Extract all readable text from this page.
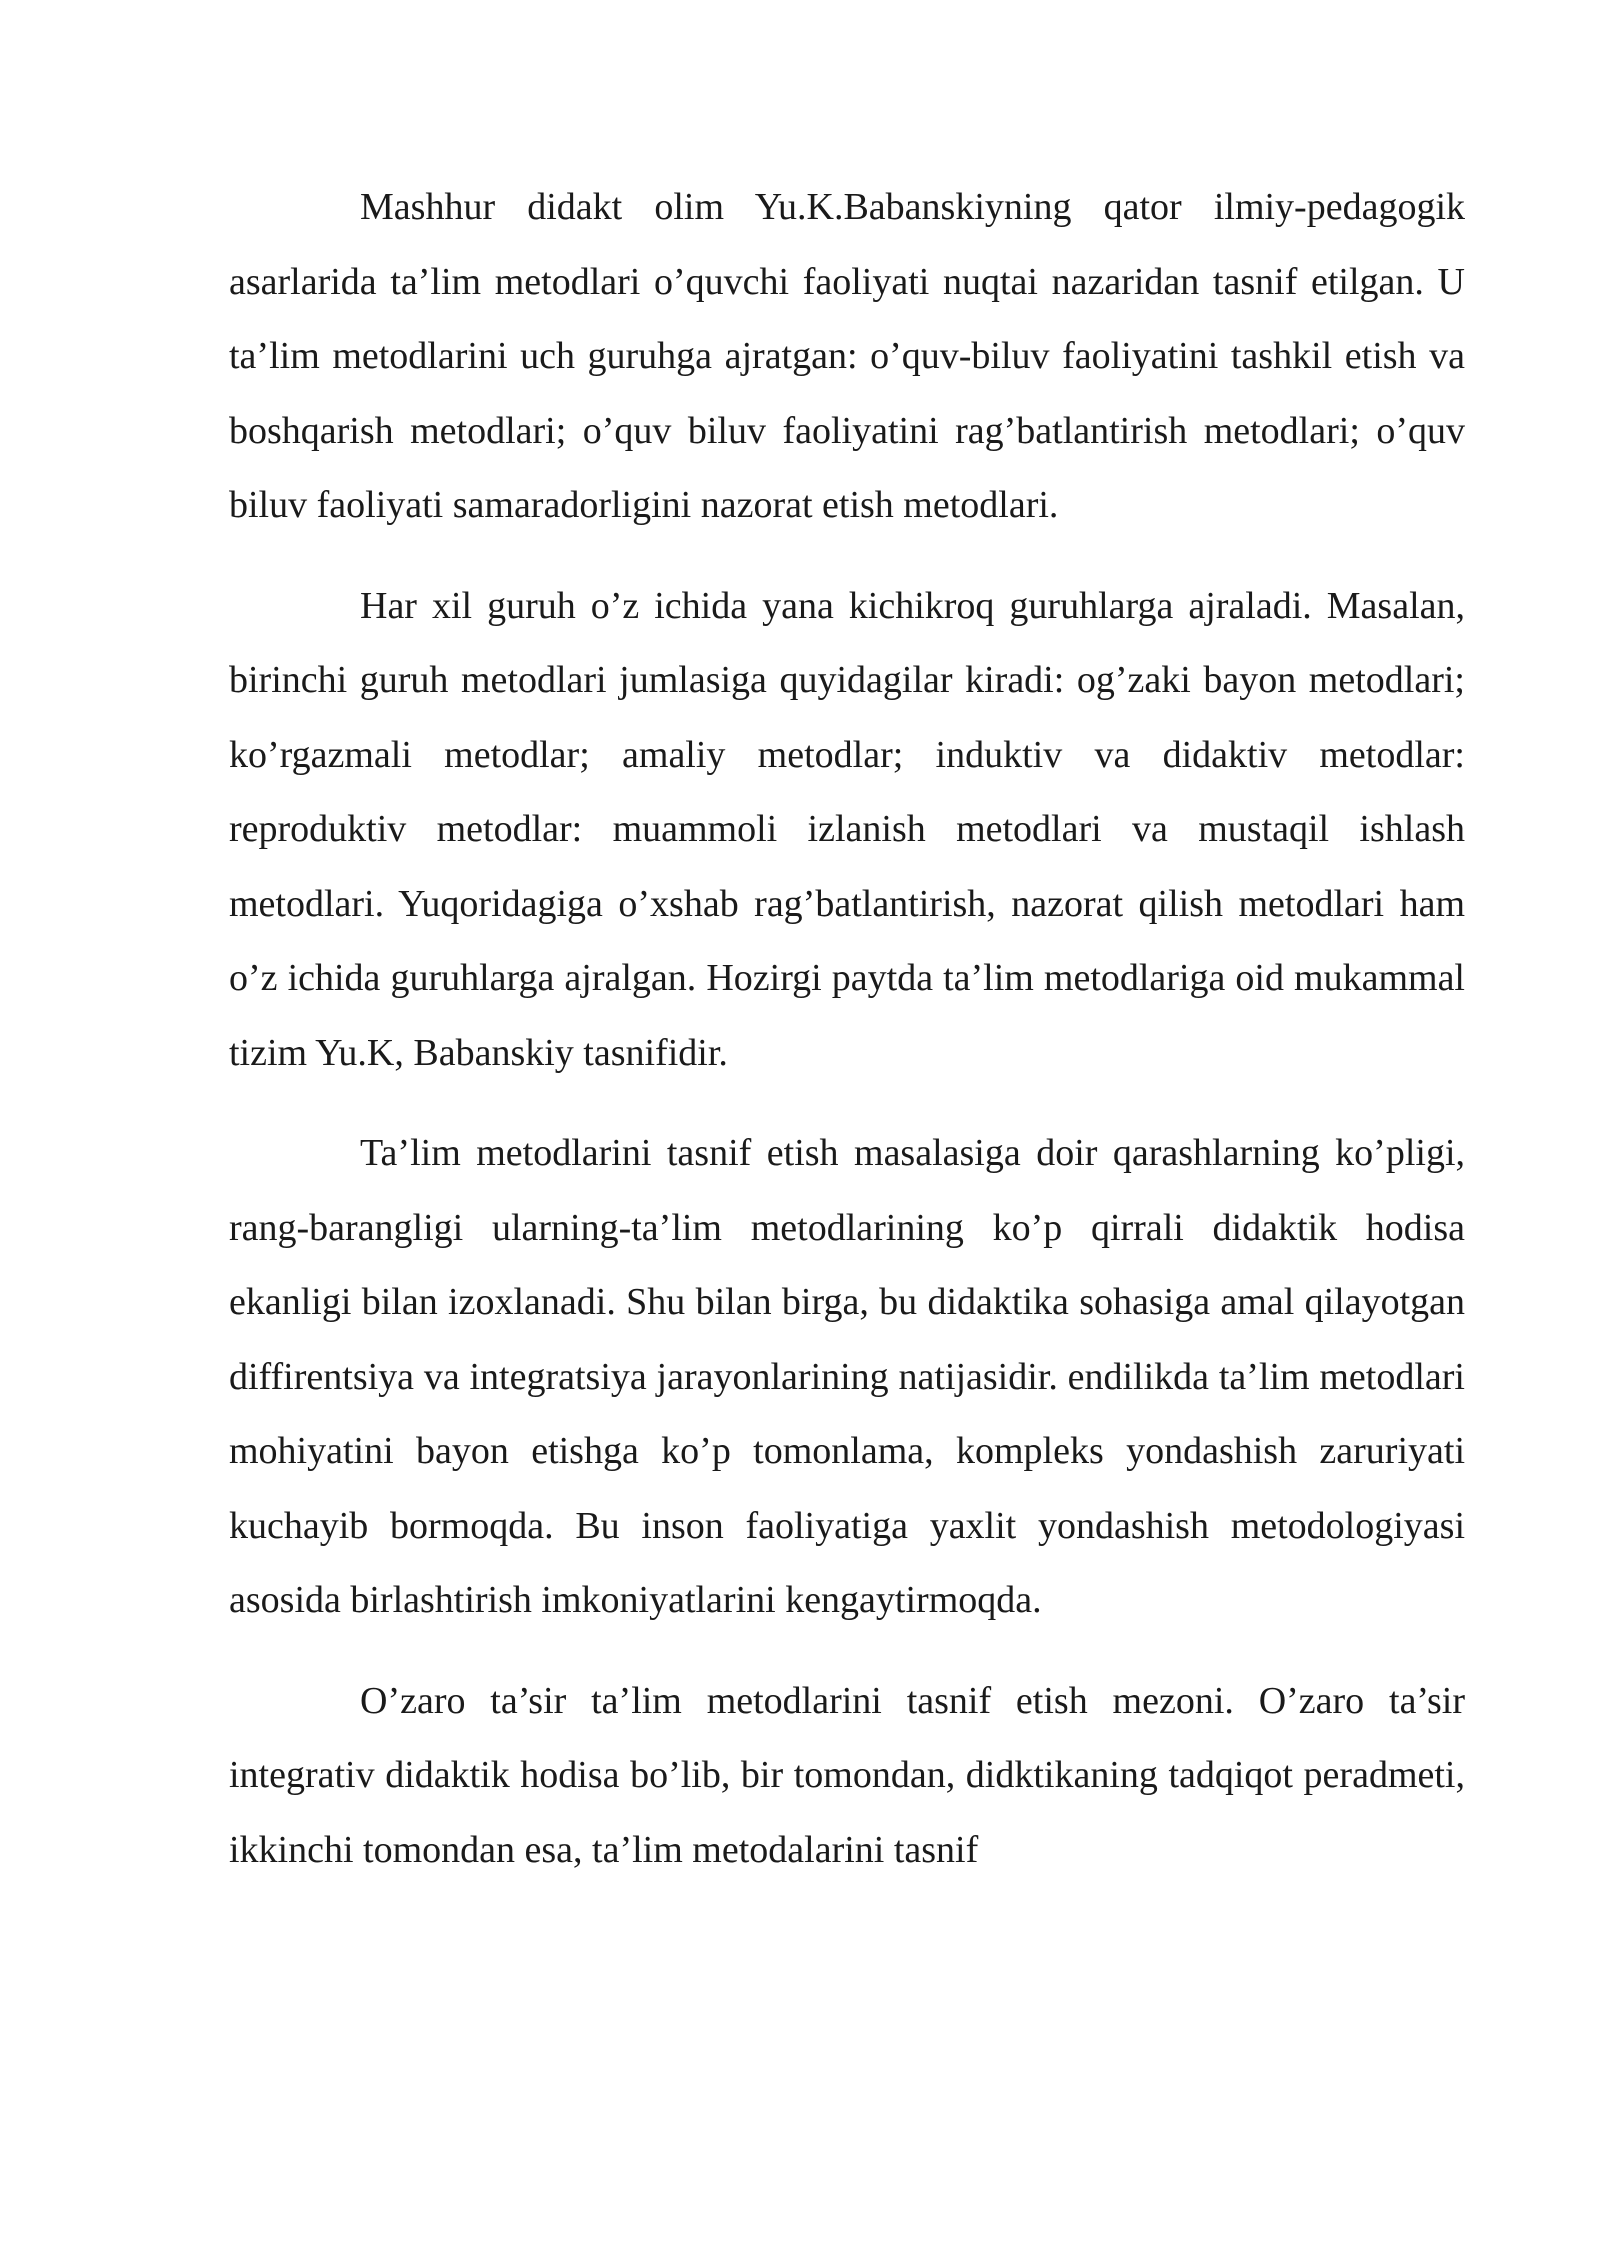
Mashhur didakt olim Yu.K.Babanskiyning qator ilmiy-pedagogik asarlarida ta’lim metodlari o’quvchi faoliyati nuqtai nazaridan tasnif etilgan. U ta’lim metodlarini uch guruhga ajratgan: o’quv-biluv faoliyatini tashkil etish va boshqarish metodlari; o’quv biluv faoliyatini rag’batlantirish metodlari; o’quv biluv faoliyati samaradorligini nazorat etish metodlari.

Har xil guruh o’z ichida yana kichikroq guruhlarga ajraladi. Masalan, birinchi guruh metodlari jumlasiga quyidagilar kiradi: og’zaki bayon metodlari; ko’rgazmali metodlar; amaliy metodlar; induktiv va didaktiv metodlar: reproduktiv metodlar: muammoli izlanish metodlari va mustaqil ishlash metodlari. Yuqoridagiga o’xshab rag’batlantirish, nazorat qilish metodlari ham o’z ichida guruhlarga ajralgan. Hozirgi paytda ta’lim metodlariga oid mukammal tizim Yu.K, Babanskiy tasnifidir.

Ta’lim metodlarini tasnif etish masalasiga doir qarashlarning ko’pligi, rang-barangligi ularning-ta’lim metodlarining ko’p qirrali didaktik hodisa ekanligi bilan izoxlanadi. Shu bilan birga, bu didaktika sohasiga amal qilayotgan diffirentsiya va integratsiya jarayonlarining natijasidir. endilikda ta’lim metodlari mohiyatini bayon etishga ko’p tomonlama, kompleks yondashish zaruriyati kuchayib bormoqda. Bu inson faoliyatiga yaxlit yondashish metodologiyasi asosida birlashtirish imkoniyatlarini kengaytirmoqda.

O’zaro ta’sir ta’lim metodlarini tasnif etish mezoni. O’zaro ta’sir integrativ didaktik hodisa bo’lib, bir tomondan, didktikaning tadqiqot peradmeti, ikkinchi tomondan esa, ta’lim metodalarini tasnif
